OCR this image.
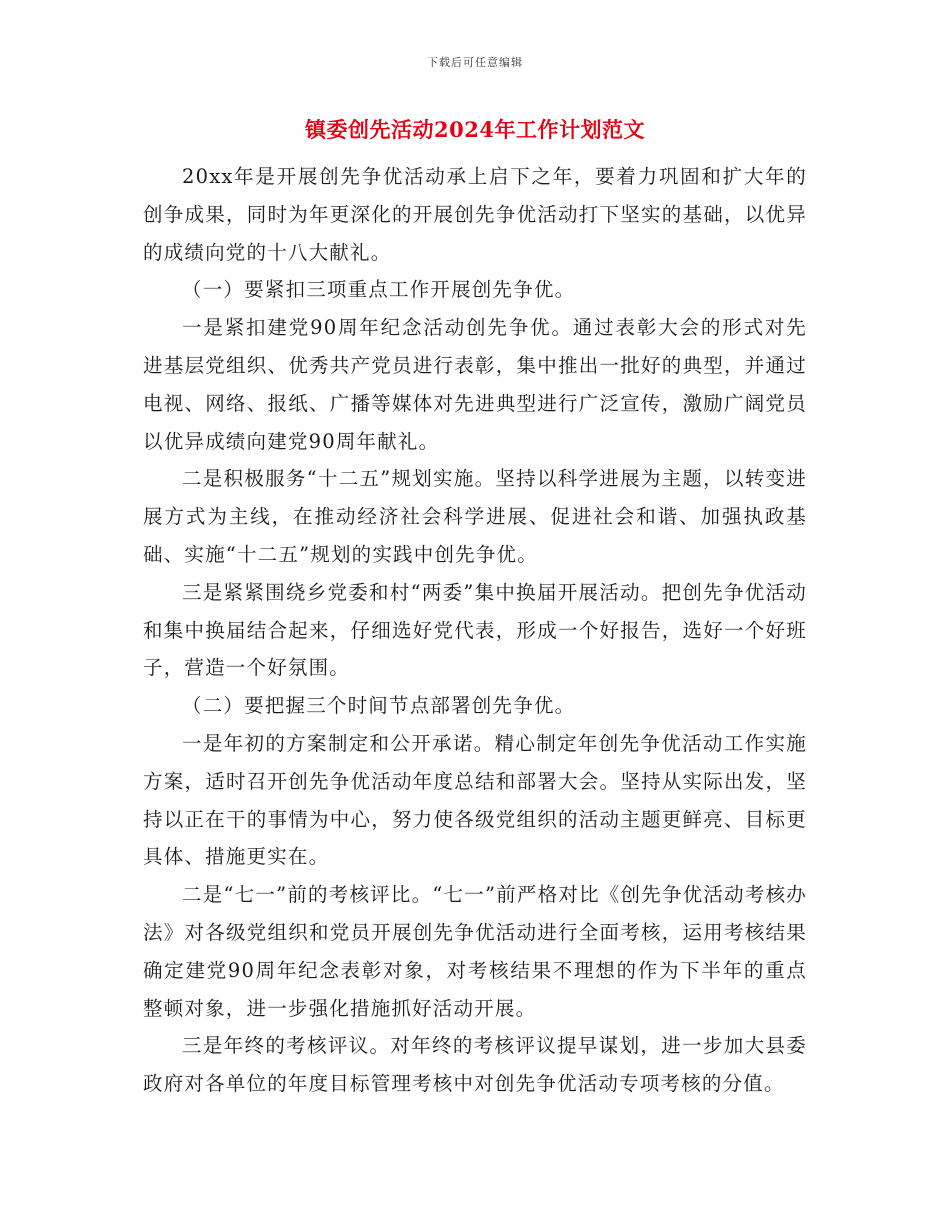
下载后可任意编辑
镇委创先活动2024年工作计划范文

20xx年是开展创先争优活动承上启下之年，要着力巩固和扩大年的创争成果，同时为年更深化的开展创先争优活动打下坚实的基础，以优异的成绩向党的十八大献礼。

（一）要紧扣三项重点工作开展创先争优。

一是紧扣建党90周年纪念活动创先争优。通过表彰大会的形式对先进基层党组织、优秀共产党员进行表彰，集中推出一批好的典型，并通过电视、网络、报纸、广播等媒体对先进典型进行广泛宣传，激励广阔党员以优异成绩向建党90周年献礼。

二是积极服务“十二五”规划实施。坚持以科学进展为主题，以转变进展方式为主线，在推动经济社会科学进展、促进社会和谐、加强执政基础、实施“十二五”规划的实践中创先争优。

三是紧紧围绕乡党委和村“两委”集中换届开展活动。把创先争优活动和集中换届结合起来，仔细选好党代表，形成一个好报告，选好一个好班子，营造一个好氛围。

（二）要把握三个时间节点部署创先争优。

一是年初的方案制定和公开承诺。精心制定年创先争优活动工作实施方案，适时召开创先争优活动年度总结和部署大会。坚持从实际出发，坚持以正在干的事情为中心，努力使各级党组织的活动主题更鲜亮、目标更具体、措施更实在。

二是“七一”前的考核评比。“七一”前严格对比《创先争优活动考核办法》对各级党组织和党员开展创先争优活动进行全面考核，运用考核结果确定建党90周年纪念表彰对象，对考核结果不理想的作为下半年的重点整顿对象，进一步强化措施抓好活动开展。

三是年终的考核评议。对年终的考核评议提早谋划，进一步加大县委政府对各单位的年度目标管理考核中对创先争优活动专项考核的分值。
